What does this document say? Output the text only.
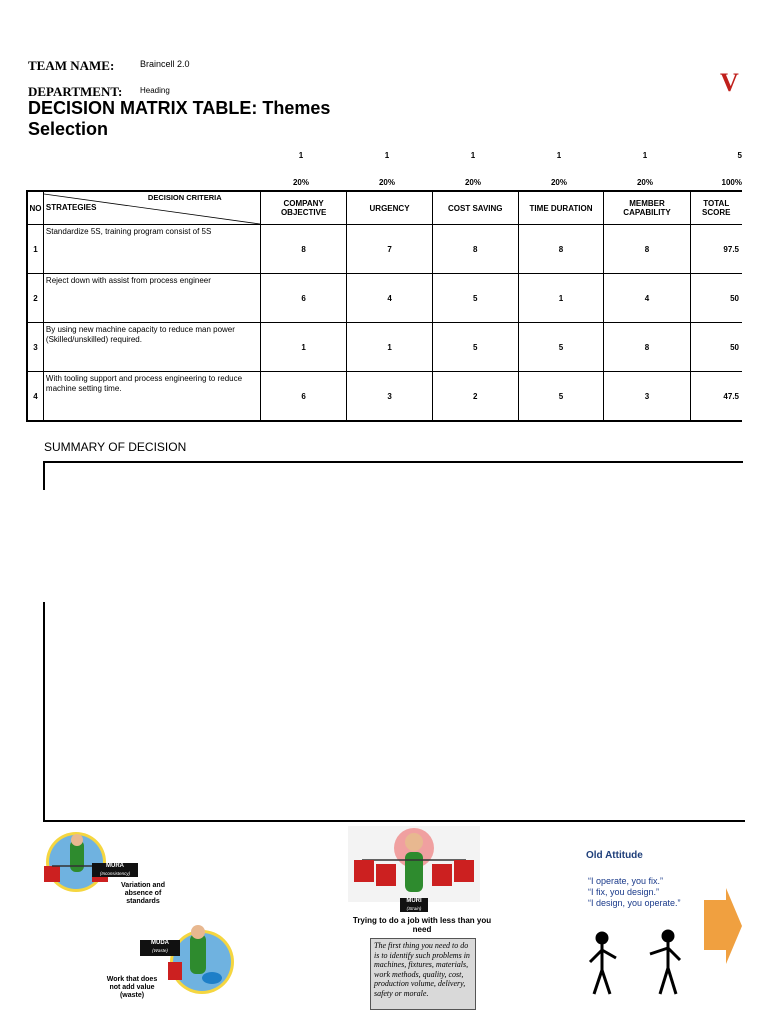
TEAM NAME:	Braincell 2.0
DEPARTMENT: Heading	V
DECISION MATRIX TABLE: Themes Selection
1	1	1	1	1	5
20%	20%	20%	20%	20%	100%
NO	DECISION CRITERIA
STRATEGIES	COMPANY OBJECTIVE	URGENCY	COST SAVING	TIME DURATION	MEMBER CAPABILITY	TOTAL SCORE
1	Standardize 5S, training program consist of 5S	8	7	8	8	8	97.5
2	Reject down with assist from process engineer	6	4	5	1	4	50
3	By using new machine capacity to reduce man power (Skilled/unskilled) required.	1	1	5	5	8	50
4	With tooling support and process engineering to reduce machine setting time.	6	3	2	5	3	47.5
SUMMARY OF DECISION
MURA
(Inconsistency)
Variation and absence of standards
MUDA
(Waste)
Work that does not add value (waste)
MURI
(Strain)
Trying to do a job with less than you need
The first thing you need to do is to identify such problems in machines, fixtures, materials, work methods, quality, cost, production volume, delivery, safety or morale.
Old Attitude
“I operate, you fix.”
“I fix, you design.”
“I design, you operate.”
